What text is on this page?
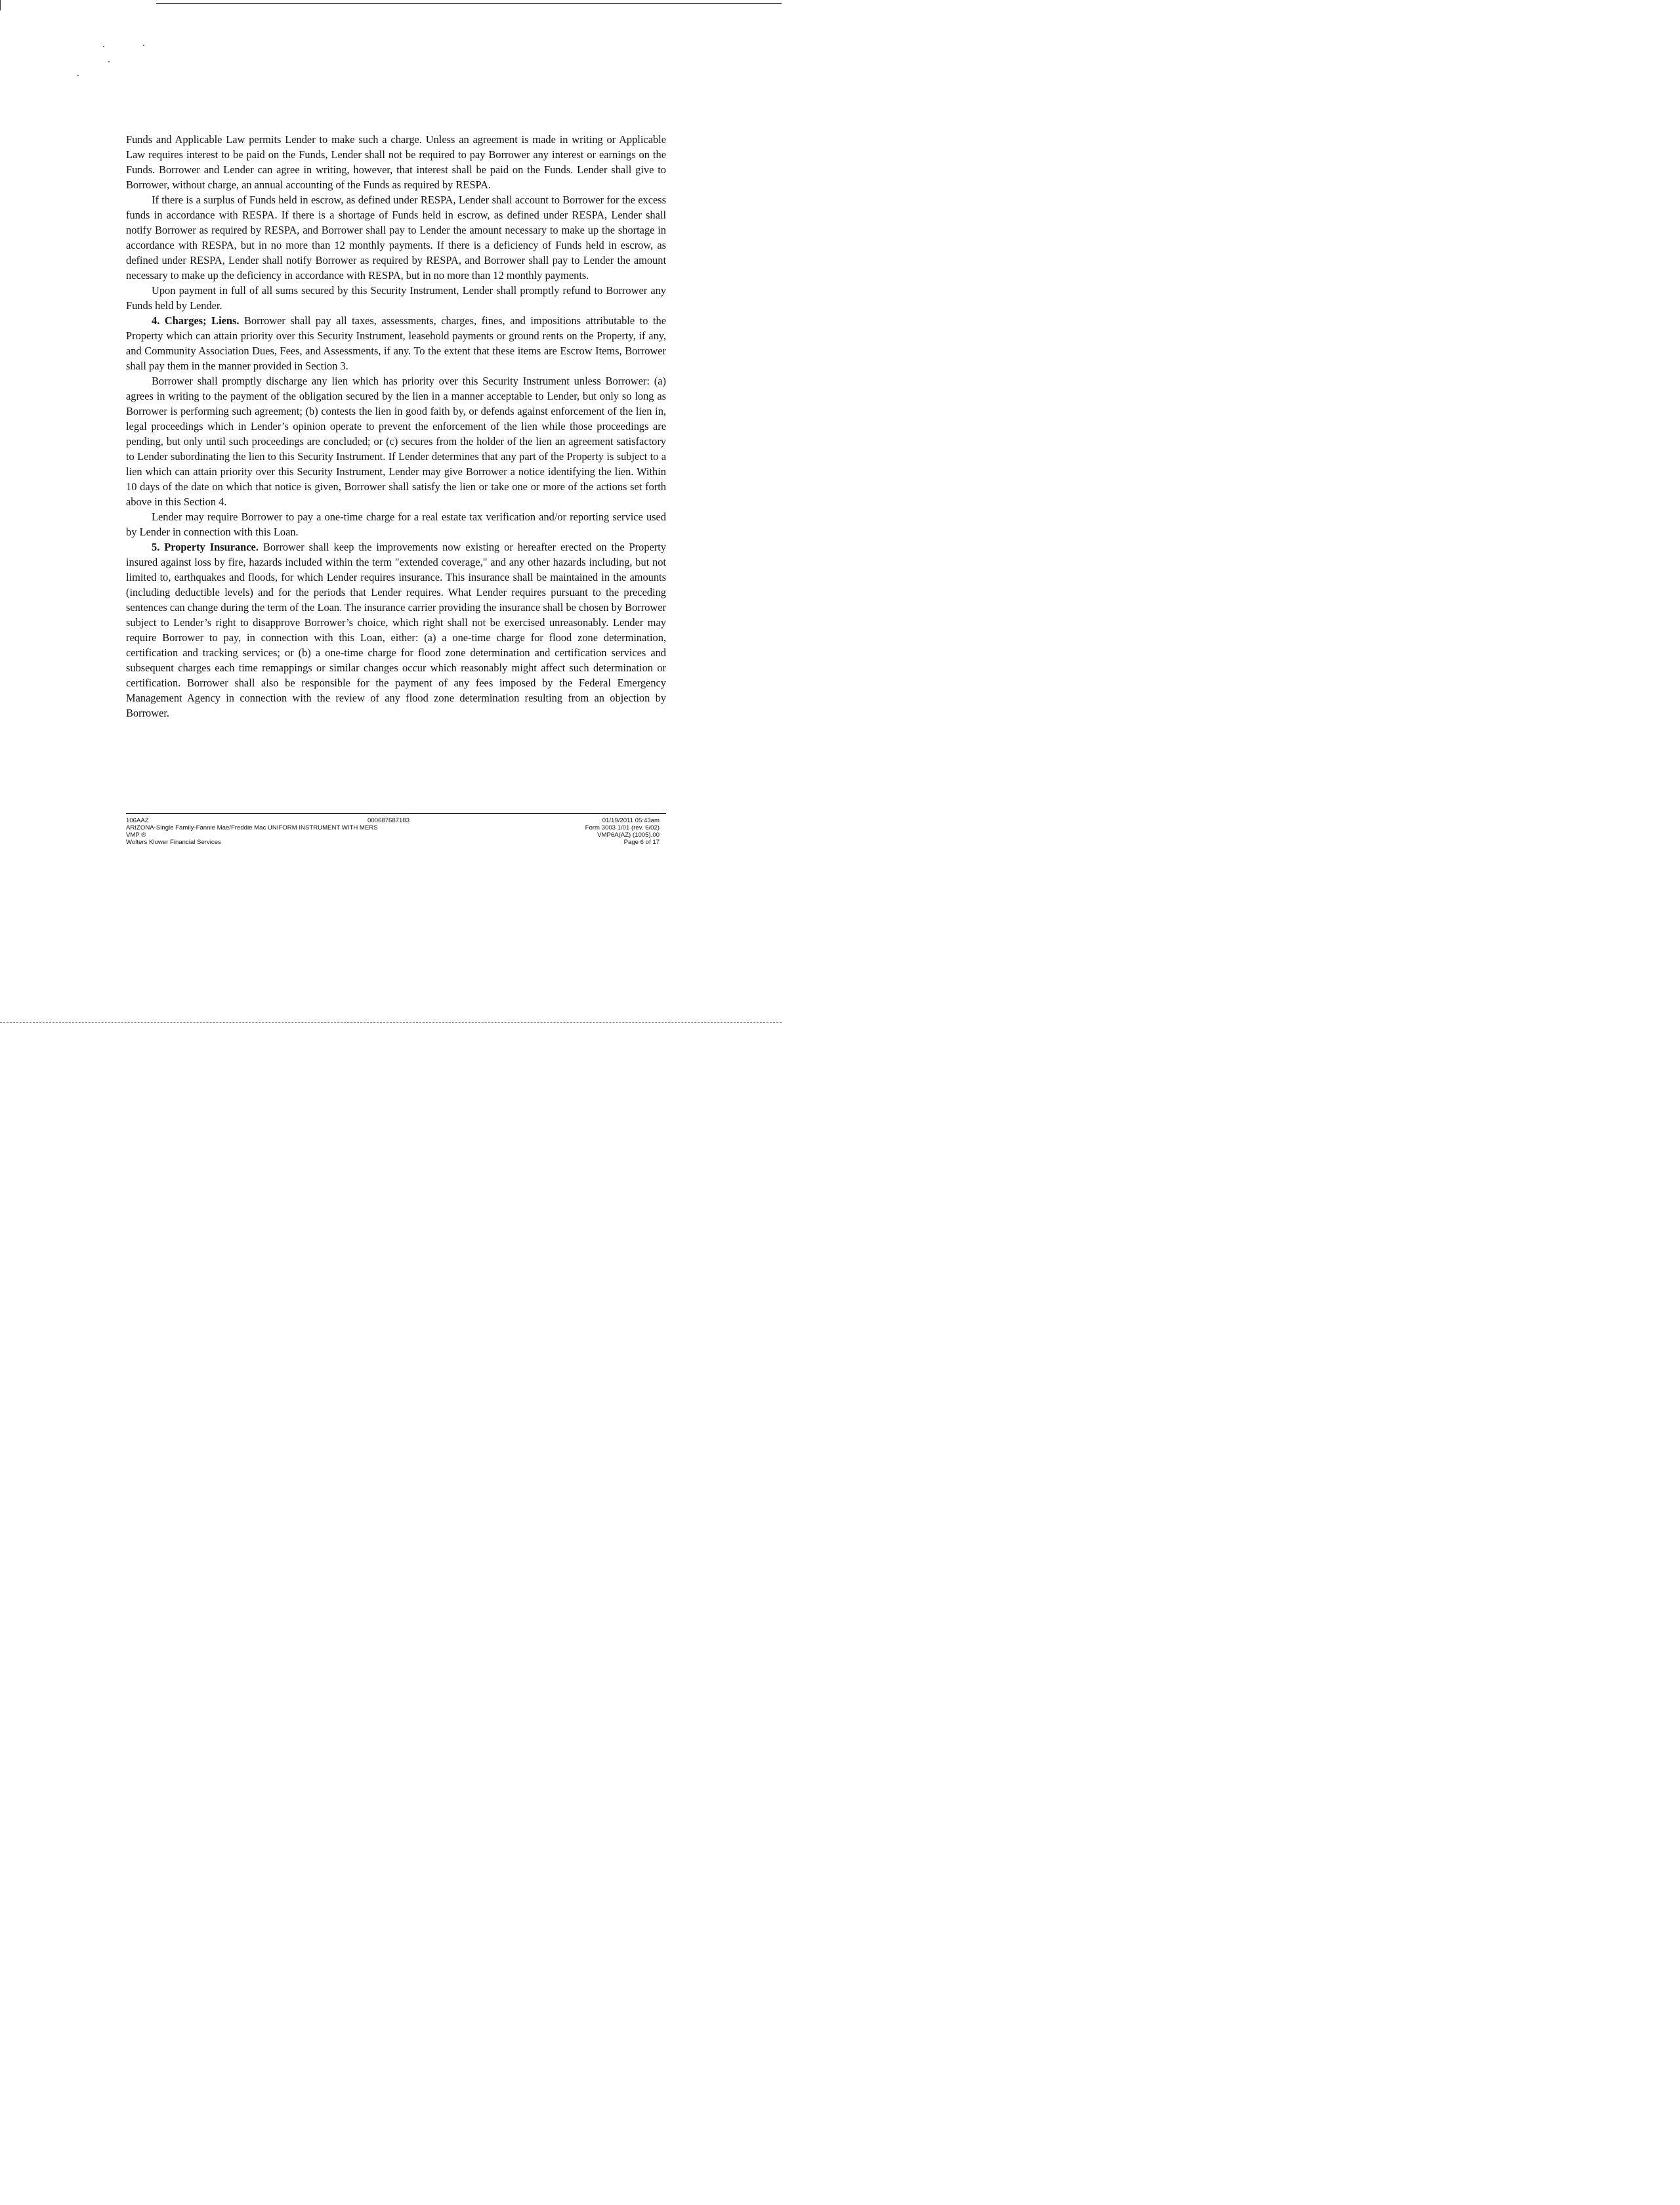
Funds and Applicable Law permits Lender to make such a charge. Unless an agreement is made in writing or Applicable Law requires interest to be paid on the Funds, Lender shall not be required to pay Borrower any interest or earnings on the Funds. Borrower and Lender can agree in writing, however, that interest shall be paid on the Funds. Lender shall give to Borrower, without charge, an annual accounting of the Funds as required by RESPA.

If there is a surplus of Funds held in escrow, as defined under RESPA, Lender shall account to Borrower for the excess funds in accordance with RESPA. If there is a shortage of Funds held in escrow, as defined under RESPA, Lender shall notify Borrower as required by RESPA, and Borrower shall pay to Lender the amount necessary to make up the shortage in accordance with RESPA, but in no more than 12 monthly payments. If there is a deficiency of Funds held in escrow, as defined under RESPA, Lender shall notify Borrower as required by RESPA, and Borrower shall pay to Lender the amount necessary to make up the deficiency in accordance with RESPA, but in no more than 12 monthly payments.

Upon payment in full of all sums secured by this Security Instrument, Lender shall promptly refund to Borrower any Funds held by Lender.

4. Charges; Liens. Borrower shall pay all taxes, assessments, charges, fines, and impositions attributable to the Property which can attain priority over this Security Instrument, leasehold payments or ground rents on the Property, if any, and Community Association Dues, Fees, and Assessments, if any. To the extent that these items are Escrow Items, Borrower shall pay them in the manner provided in Section 3.

Borrower shall promptly discharge any lien which has priority over this Security Instrument unless Borrower: (a) agrees in writing to the payment of the obligation secured by the lien in a manner acceptable to Lender, but only so long as Borrower is performing such agreement; (b) contests the lien in good faith by, or defends against enforcement of the lien in, legal proceedings which in Lender’s opinion operate to prevent the enforcement of the lien while those proceedings are pending, but only until such proceedings are concluded; or (c) secures from the holder of the lien an agreement satisfactory to Lender subordinating the lien to this Security Instrument. If Lender determines that any part of the Property is subject to a lien which can attain priority over this Security Instrument, Lender may give Borrower a notice identifying the lien. Within 10 days of the date on which that notice is given, Borrower shall satisfy the lien or take one or more of the actions set forth above in this Section 4.

Lender may require Borrower to pay a one-time charge for a real estate tax verification and/or reporting service used by Lender in connection with this Loan.

5. Property Insurance. Borrower shall keep the improvements now existing or hereafter erected on the Property insured against loss by fire, hazards included within the term "extended coverage," and any other hazards including, but not limited to, earthquakes and floods, for which Lender requires insurance. This insurance shall be maintained in the amounts (including deductible levels) and for the periods that Lender requires. What Lender requires pursuant to the preceding sentences can change during the term of the Loan. The insurance carrier providing the insurance shall be chosen by Borrower subject to Lender’s right to disapprove Borrower’s choice, which right shall not be exercised unreasonably. Lender may require Borrower to pay, in connection with this Loan, either: (a) a one-time charge for flood zone determination, certification and tracking services; or (b) a one-time charge for flood zone determination and certification services and subsequent charges each time remappings or similar changes occur which reasonably might affect such determination or certification. Borrower shall also be responsible for the payment of any fees imposed by the Federal Emergency Management Agency in connection with the review of any flood zone determination resulting from an objection by Borrower.

106AAZ
ARIZONA-Single Family-Fannie Mae/Freddie Mac UNIFORM INSTRUMENT WITH MERS
VMP ®
Wolters Kluwer Financial Services
000687687183	01/19/2011 05:43am
Form 3003 1/01 (rev. 6/02)
VMP6A(AZ) (1005).00
Page 6 of 17
